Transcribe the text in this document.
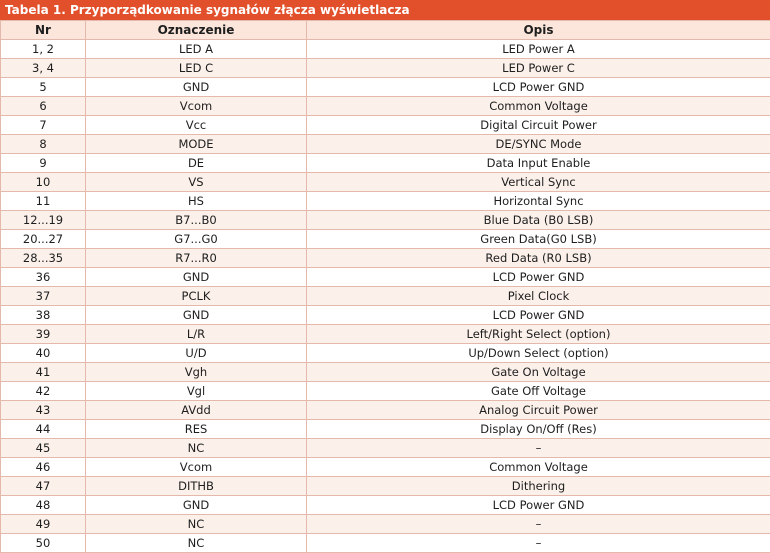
Tabela 1. Przyporządkowanie sygnałów złącza wyświetlacza
Nr	Oznaczenie	Opis
1, 2	LED A	LED Power A
3, 4	LED C	LED Power C
5	GND	LCD Power GND
6	Vcom	Common Voltage
7	Vcc	Digital Circuit Power
8	MODE	DE/SYNC Mode
9	DE	Data Input Enable
10	VS	Vertical Sync
11	HS	Horizontal Sync
12...19	B7...B0	Blue Data (B0 LSB)
20...27	G7...G0	Green Data(G0 LSB)
28...35	R7...R0	Red Data (R0 LSB)
36	GND	LCD Power GND
37	PCLK	Pixel Clock
38	GND	LCD Power GND
39	L/R	Left/Right Select (option)
40	U/D	Up/Down Select (option)
41	Vgh	Gate On Voltage
42	Vgl	Gate Off Voltage
43	AVdd	Analog Circuit Power
44	RES	Display On/Off (Res)
45	NC	–
46	Vcom	Common Voltage
47	DITHB	Dithering
48	GND	LCD Power GND
49	NC	–
50	NC	–
